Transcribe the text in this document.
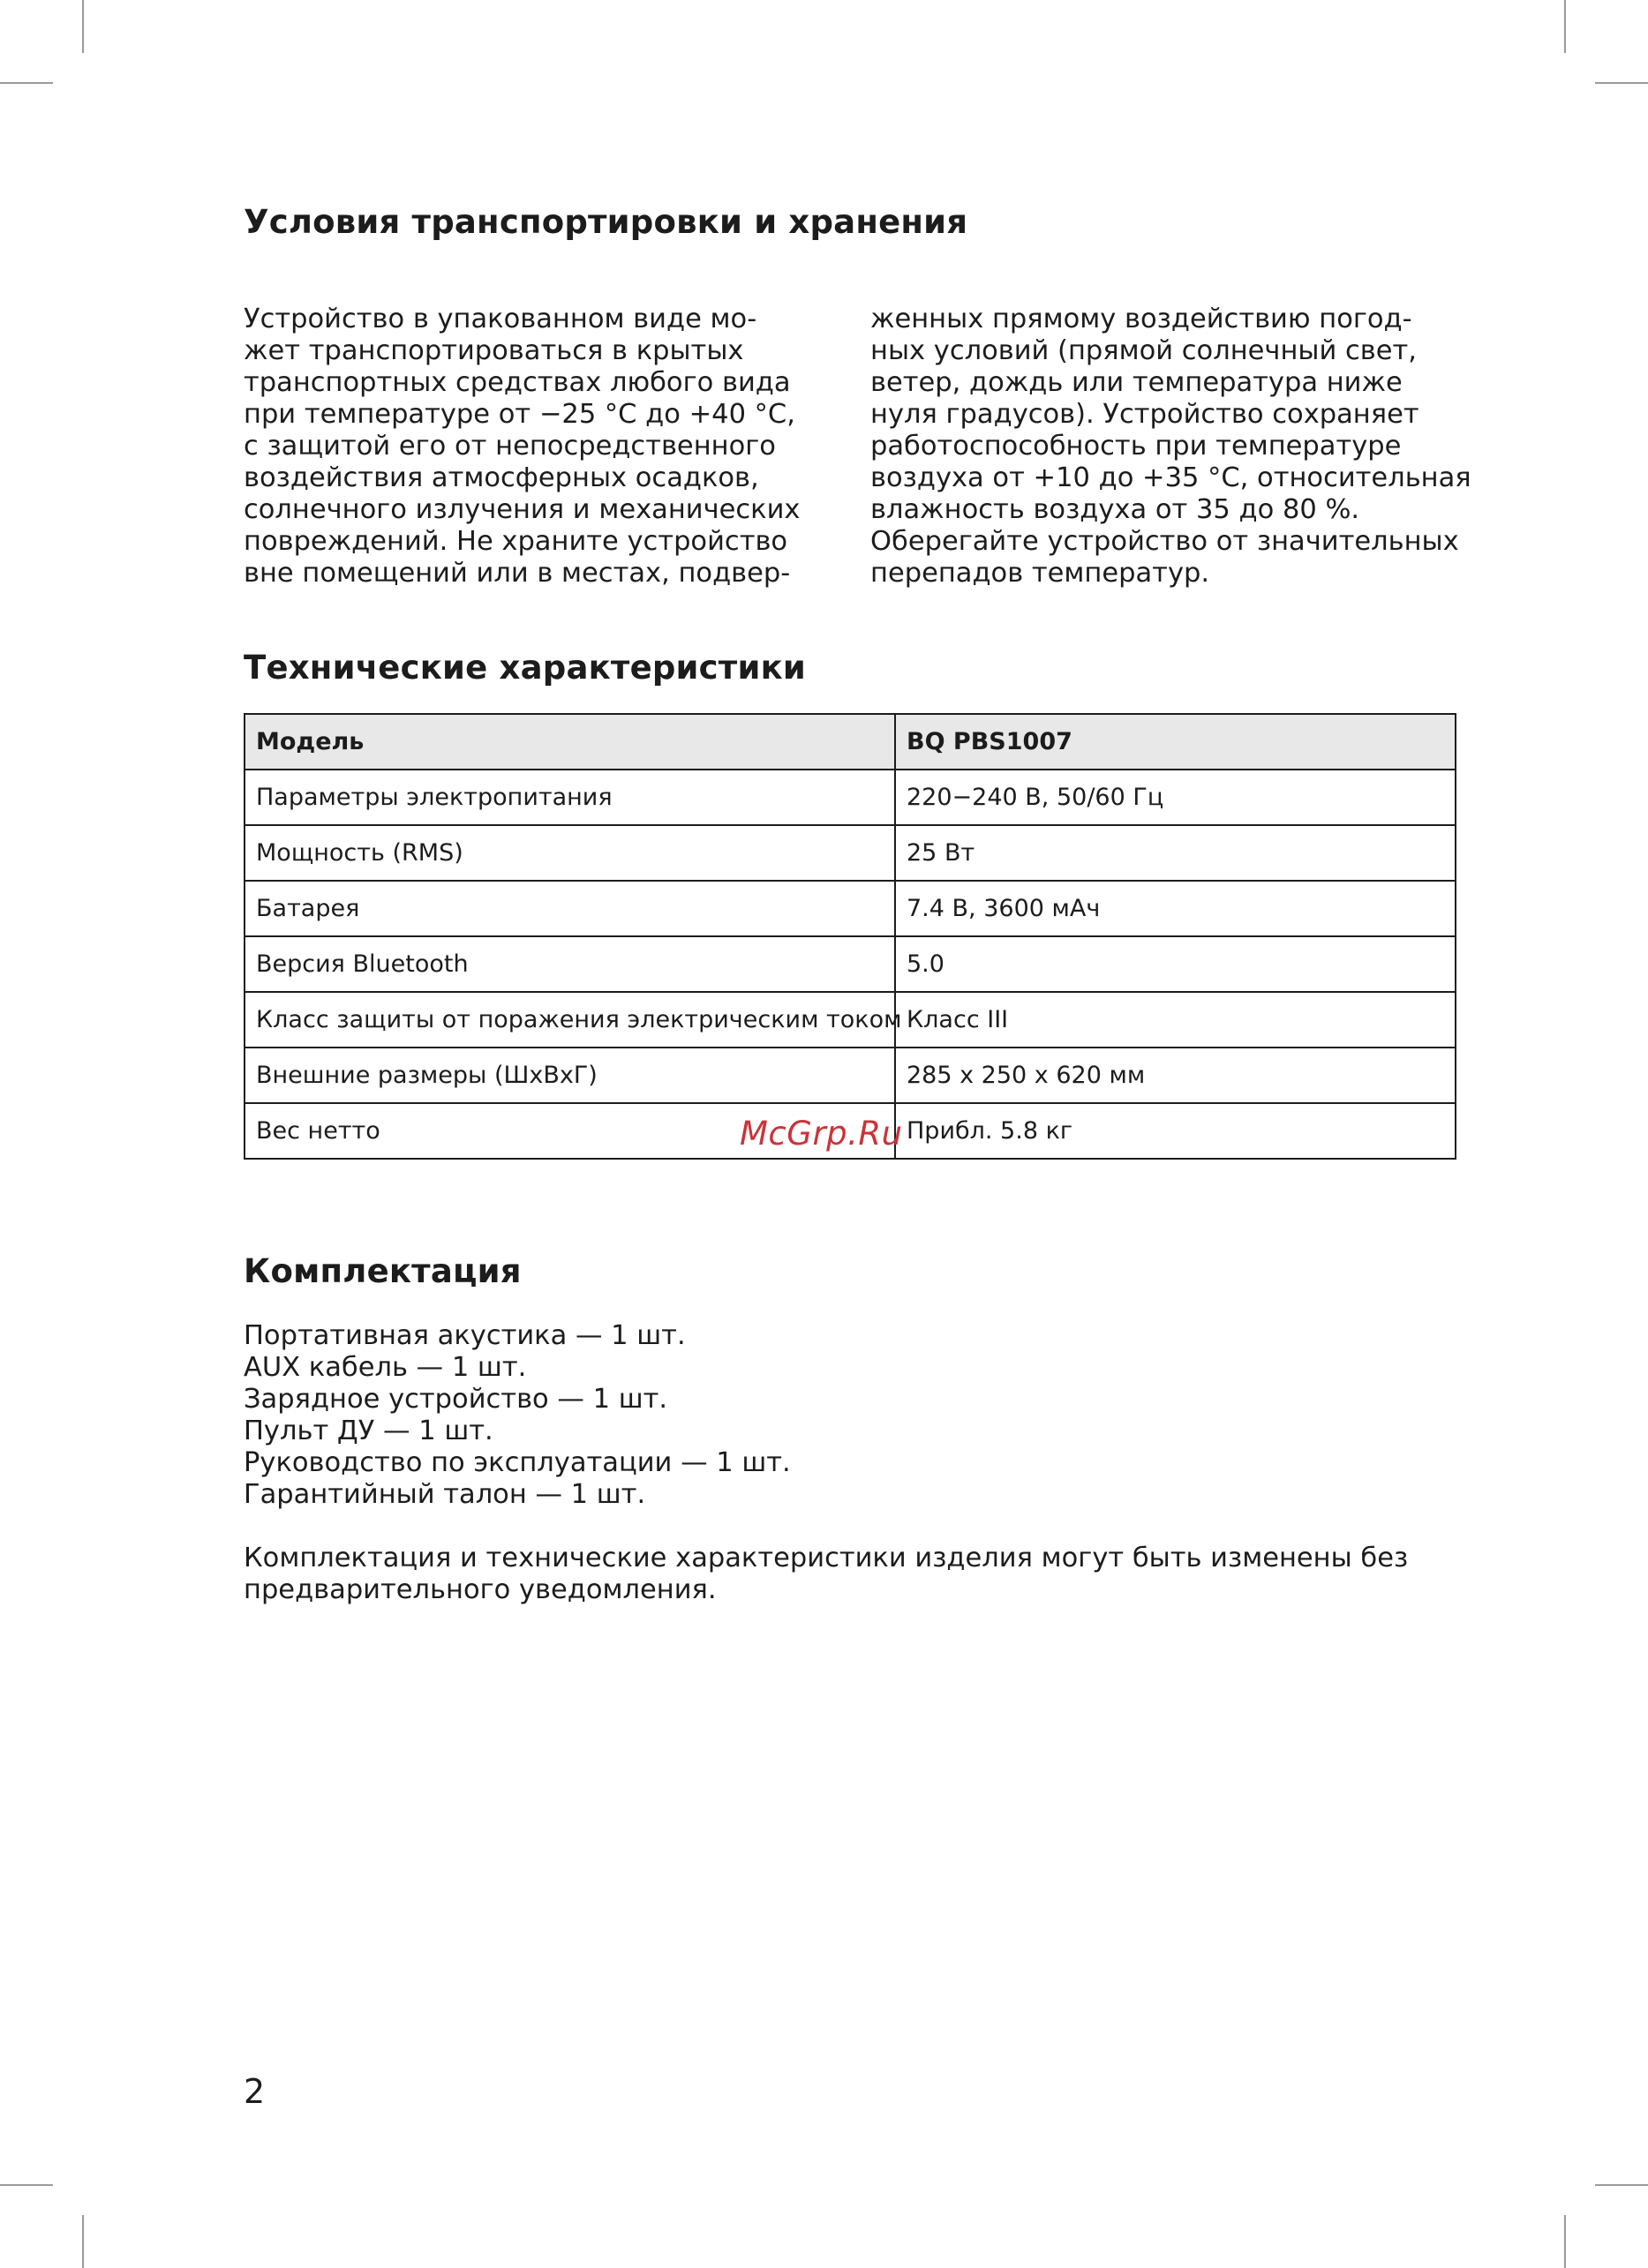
Условия транспортировки и хранения
Устройство в упакованном виде мо-
жет транспортироваться в крытых
транспортных средствах любого вида
при температуре от −25 °C до +40 °C,
с защитой его от непосредственного
воздействия атмосферных осадков,
солнечного излучения и механических
повреждений. Не храните устройство
вне помещений или в местах, подвер-
женных прямому воздействию погод-
ных условий (прямой солнечный свет,
ветер, дождь или температура ниже
нуля градусов). Устройство сохраняет
работоспособность при температуре
воздуха от +10 до +35 °C, относительная
влажность воздуха от 35 до 80 %.
Оберегайте устройство от значительных
перепадов температур.
Технические характеристики
Модель	BQ PBS1007
Параметры электропитания	220−240 В, 50/60 Гц
Мощность (RMS)	25 Вт
Батарея	7.4 В, 3600 мАч
Версия Bluetooth	5.0
Класс защиты от поражения электрическим током	Класс III
Внешние размеры (ШхВхГ)	285 x 250 x 620 мм
Вес нетто	Прибл. 5.8 кг
McGrp.Ru
Комплектация
Портативная акустика — 1 шт.
AUX кабель — 1 шт.
Зарядное устройство — 1 шт.
Пульт ДУ — 1 шт.
Руководство по эксплуатации — 1 шт.
Гарантийный талон — 1 шт.

Комплектация и технические характеристики изделия могут быть изменены без
предварительного уведомления.

2
